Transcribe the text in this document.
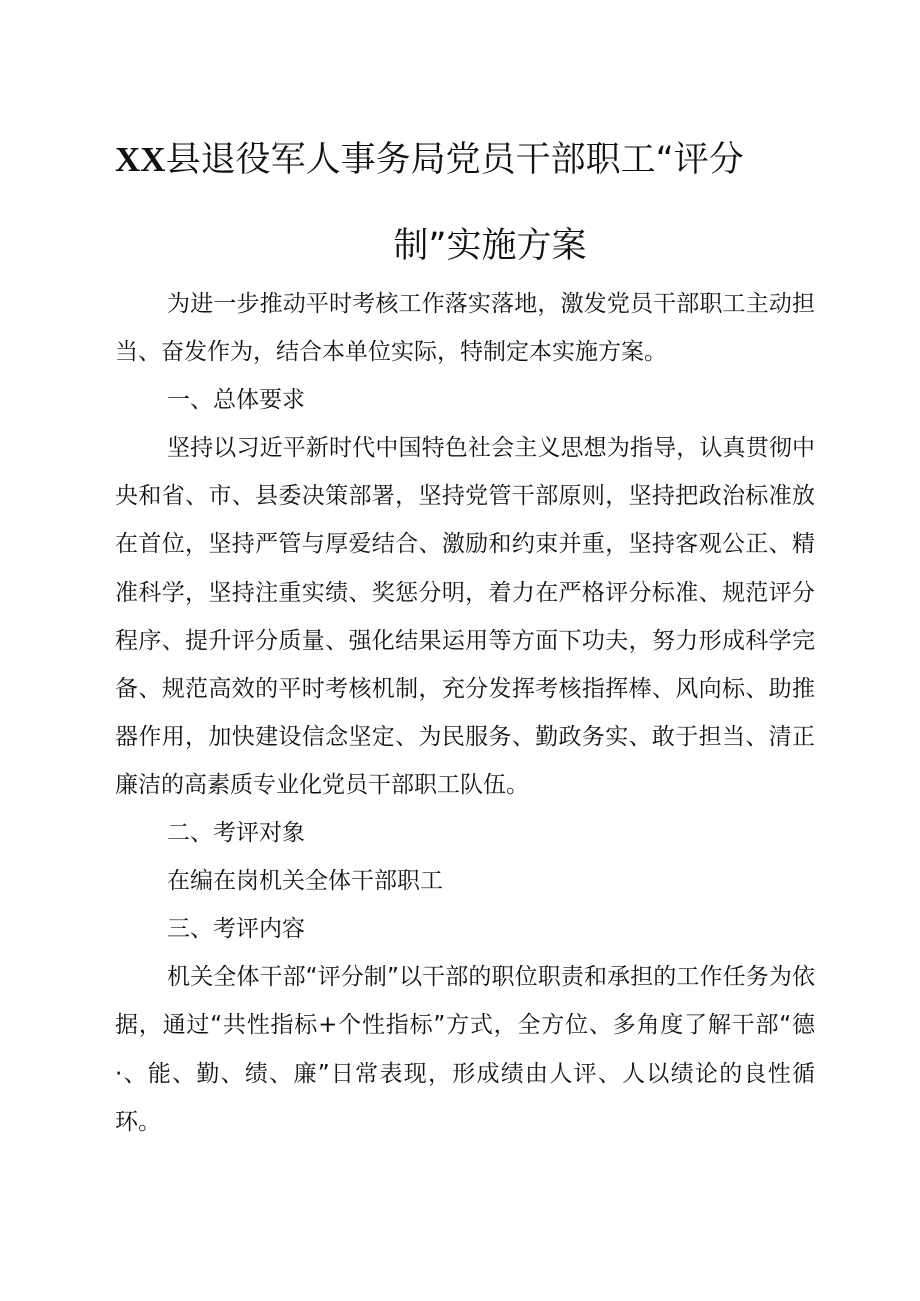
XX县退役军人事务局党员干部职工“评分
制”实施方案

为进一步推动平时考核工作落实落地，激发党员干部职工主动担当、奋发作为，结合本单位实际，特制定本实施方案。

一、总体要求

坚持以习近平新时代中国特色社会主义思想为指导，认真贯彻中央和省、市、县委决策部署，坚持党管干部原则，坚持把政治标准放在首位，坚持严管与厚爱结合、激励和约束并重，坚持客观公正、精准科学，坚持注重实绩、奖惩分明，着力在严格评分标准、规范评分程序、提升评分质量、强化结果运用等方面下功夫，努力形成科学完备、规范高效的平时考核机制，充分发挥考核指挥棒、风向标、助推器作用，加快建设信念坚定、为民服务、勤政务实、敢于担当、清正廉洁的高素质专业化党员干部职工队伍。

二、考评对象

在编在岗机关全体干部职工

三、考评内容

机关全体干部“评分制”以干部的职位职责和承担的工作任务为依据，通过“共性指标+个性指标”方式，全方位、多角度了解干部“德·、能、勤、绩、廉”日常表现，形成绩由人评、人以绩论的良性循环。
